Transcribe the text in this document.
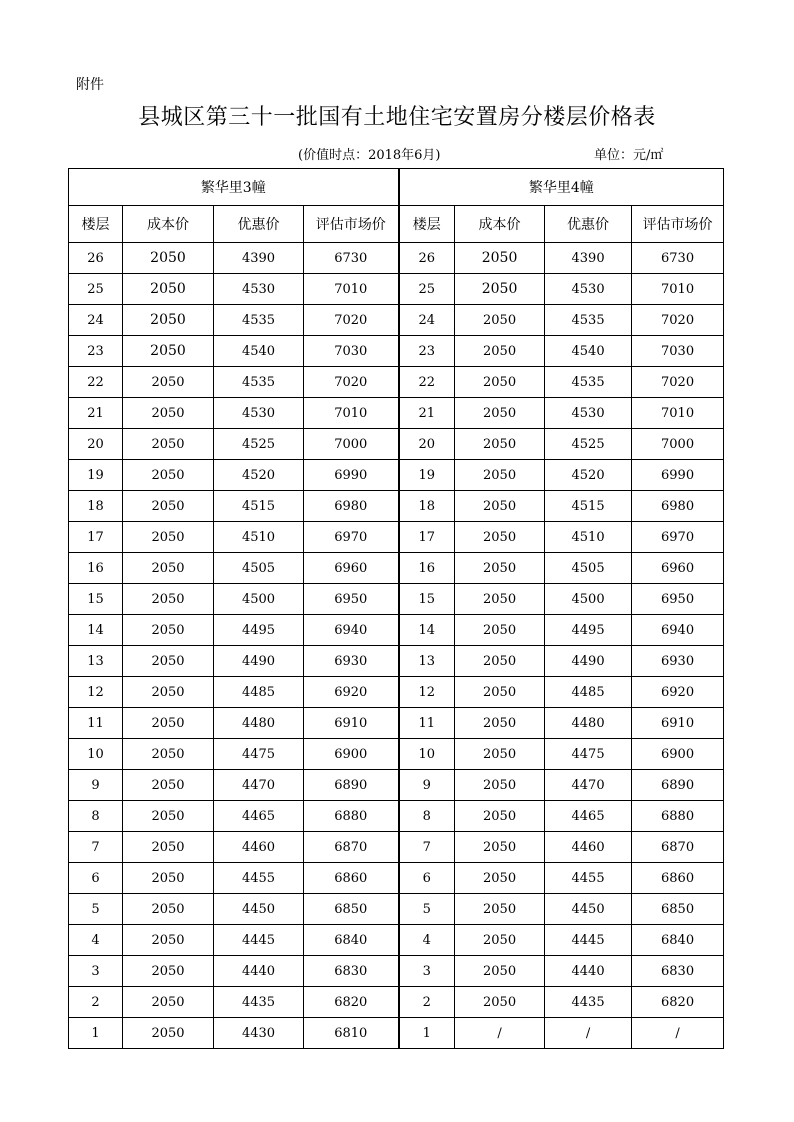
附件
县城区第三十一批国有土地住宅安置房分楼层价格表
(价值时点：2018年6月)	单位：元/㎡
繁华里3幢				繁华里4幢			
楼层	成本价	优惠价	评估市场价	楼层	成本价	优惠价	评估市场价
26	2050	4390	6730	26	2050	4390	6730
25	2050	4530	7010	25	2050	4530	7010
24	2050	4535	7020	24	2050	4535	7020
23	2050	4540	7030	23	2050	4540	7030
22	2050	4535	7020	22	2050	4535	7020
21	2050	4530	7010	21	2050	4530	7010
20	2050	4525	7000	20	2050	4525	7000
19	2050	4520	6990	19	2050	4520	6990
18	2050	4515	6980	18	2050	4515	6980
17	2050	4510	6970	17	2050	4510	6970
16	2050	4505	6960	16	2050	4505	6960
15	2050	4500	6950	15	2050	4500	6950
14	2050	4495	6940	14	2050	4495	6940
13	2050	4490	6930	13	2050	4490	6930
12	2050	4485	6920	12	2050	4485	6920
11	2050	4480	6910	11	2050	4480	6910
10	2050	4475	6900	10	2050	4475	6900
9	2050	4470	6890	9	2050	4470	6890
8	2050	4465	6880	8	2050	4465	6880
7	2050	4460	6870	7	2050	4460	6870
6	2050	4455	6860	6	2050	4455	6860
5	2050	4450	6850	5	2050	4450	6850
4	2050	4445	6840	4	2050	4445	6840
3	2050	4440	6830	3	2050	4440	6830
2	2050	4435	6820	2	2050	4435	6820
1	2050	4430	6810	1	/	/	/
